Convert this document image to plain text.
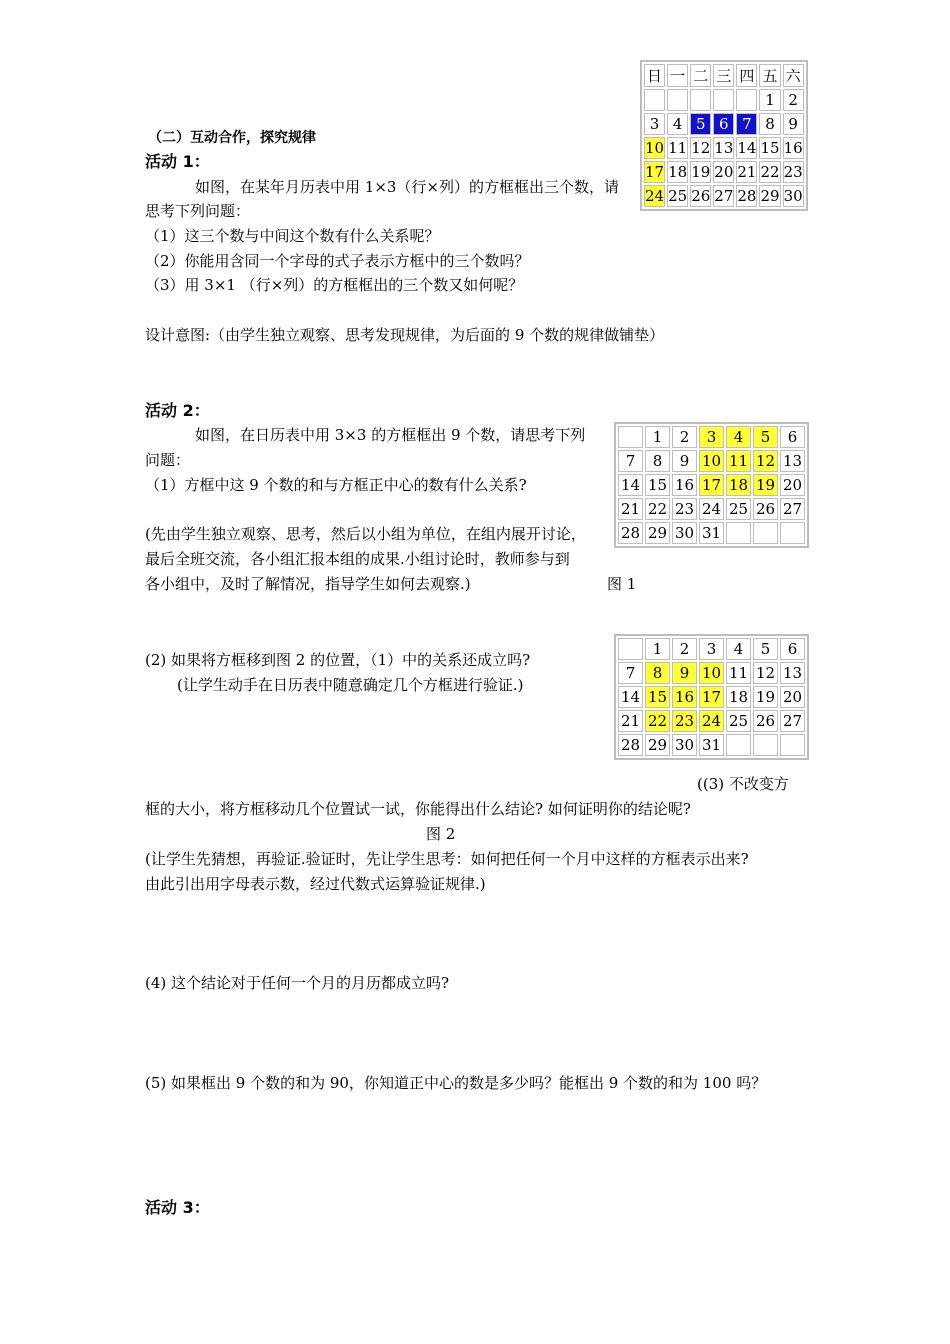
日	一	二	三	四	五	六
					1	2
3	4	5	6	7	8	9
10	11	12	13	14	15	16
17	18	19	20	21	22	23
24	25	26	27	28	29	30
（二）互动合作，探究规律
活动 1：
如图，在某年月历表中用 1×3（行×列）的方框框出三个数，请
思考下列问题：
（1）这三个数与中间这个数有什么关系呢？
（2）你能用含同一个字母的式子表示方框中的三个数吗？
（3）用 3×1 （行×列）的方框框出的三个数又如何呢？
设计意图:（由学生独立观察、思考发现规律，为后面的 9 个数的规律做铺垫）
活动 2：
如图，在日历表中用 3×3 的方框框出 9 个数，请思考下列
问题：
（1）方框中这 9 个数的和与方框正中心的数有什么关系?
(先由学生独立观察、思考，然后以小组为单位，在组内展开讨论，
最后全班交流，各小组汇报本组的成果.小组讨论时，教师参与到
各小组中，及时了解情况，指导学生如何去观察.)	图 1
	1	2	3	4	5	6
7	8	9	10	11	12	13
14	15	16	17	18	19	20
21	22	23	24	25	26	27
28	29	30	31			
(2) 如果将方框移到图 2 的位置，（1）中的关系还成立吗?
(让学生动手在日历表中随意确定几个方框进行验证.)
	1	2	3	4	5	6
7	8	9	10	11	12	13
14	15	16	17	18	19	20
21	22	23	24	25	26	27
28	29	30	31			
((3) 不改变方
框的大小，将方框移动几个位置试一试，你能得出什么结论? 如何证明你的结论呢?
图 2
(让学生先猜想，再验证.验证时，先让学生思考：如何把任何一个月中这样的方框表示出来?
由此引出用字母表示数，经过代数式运算验证规律.)
(4) 这个结论对于任何一个月的月历都成立吗?
(5) 如果框出 9 个数的和为 90，你知道正中心的数是多少吗？能框出 9 个数的和为 100 吗？
活动 3：
